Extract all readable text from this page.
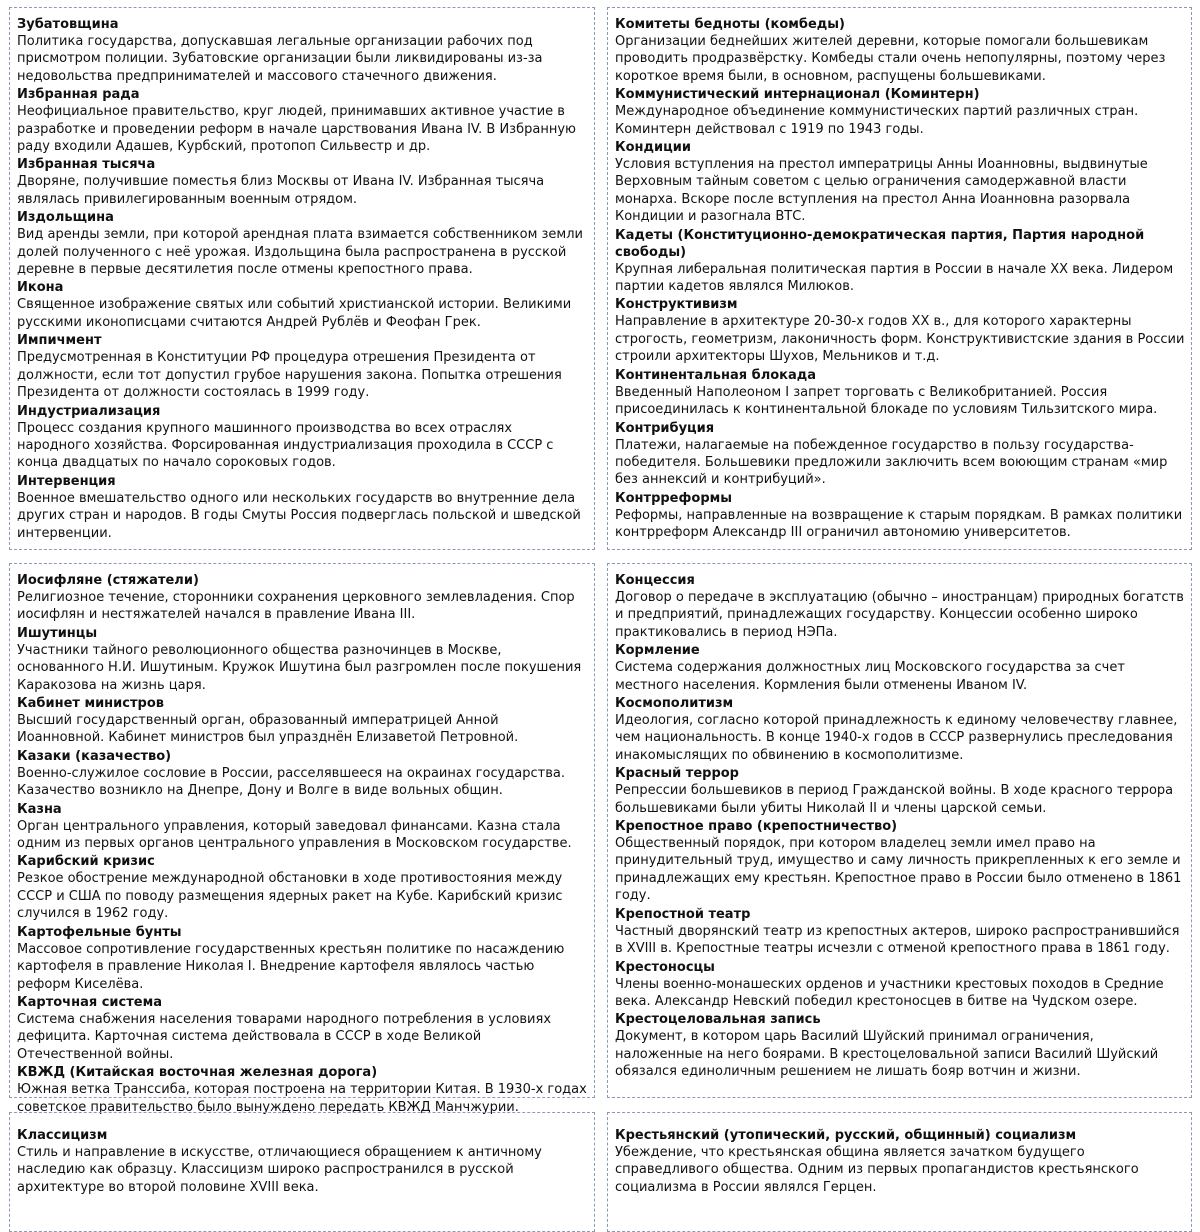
Зубатовщина
Политика государства, допускавшая легальные организации рабочих под присмотром полиции. Зубатовские организации были ликвидированы из-за недовольства предпринимателей и массового стачечного движения.
Избранная рада
Неофициальное правительство, круг людей, принимавших активное участие в разработке и проведении реформ в начале царствования Ивана IV. В Избранную раду входили Адашев, Курбский, протопоп Сильвестр и др.
Избранная тысяча
Дворяне, получившие поместья близ Москвы от Ивана IV. Избранная тысяча являлась привилегированным военным отрядом.
Издольщина
Вид аренды земли, при которой арендная плата взимается собственником земли долей полученного с неё урожая. Издольщина была распространена в русской деревне в первые десятилетия после отмены крепостного права.
Икона
Священное изображение святых или событий христианской истории. Великими русскими иконописцами считаются Андрей Рублёв и Феофан Грек.
Импичмент
Предусмотренная в Конституции РФ процедура отрешения Президента от должности, если тот допустил грубое нарушения закона. Попытка отрешения Президента от должности состоялась в 1999 году.
Индустриализация
Процесс создания крупного машинного производства во всех отраслях народного хозяйства. Форсированная индустриализация проходила в СССР с конца двадцатых по начало сороковых годов.
Интервенция
Военное вмешательство одного или нескольких государств во внутренние дела других стран и народов. В годы Смуты Россия подверглась польской и шведской интервенции.
Комитеты бедноты (комбеды)
Организации беднейших жителей деревни, которые помогали большевикам проводить продразвёрстку. Комбеды стали очень непопулярны, поэтому через короткое время были, в основном, распущены большевиками.
Коммунистический интернационал (Коминтерн)
Международное объединение коммунистических партий различных стран. Коминтерн действовал с 1919 по 1943 годы.
Кондиции
Условия вступления на престол императрицы Анны Иоанновны, выдвинутые Верховным тайным советом с целью ограничения самодержавной власти монарха. Вскоре после вступления на престол Анна Иоанновна разорвала Кондиции и разогнала ВТС.
Кадеты (Конституционно-демократическая партия, Партия народной свободы)
Крупная либеральная политическая партия в России в начале XX века. Лидером партии кадетов являлся Милюков.
Конструктивизм
Направление в архитектуре 20-30-х годов XX в., для которого характерны строгость, геометризм, лаконичность форм. Конструктивистские здания в России строили архитекторы Шухов, Мельников и т.д.
Континентальная блокада
Введенный Наполеоном I запрет торговать с Великобританией. Россия присоединилась к континентальной блокаде по условиям Тильзитского мира.
Контрибуция
Платежи, налагаемые на побежденное государство в пользу государства-победителя. Большевики предложили заключить всем воюющим странам «мир без аннексий и контрибуций».
Контрреформы
Реформы, направленные на возвращение к старым порядкам. В рамках политики контрреформ Александр III ограничил автономию университетов.
Иосифляне (стяжатели)
Религиозное течение, сторонники сохранения церковного землевладения. Спор иосифлян и нестяжателей начался в правление Ивана III.
Ишутинцы
Участники тайного революционного общества разночинцев в Москве, основанного Н.И. Ишутиным. Кружок Ишутина был разгромлен после покушения Каракозова на жизнь царя.
Кабинет министров
Высший государственный орган, образованный императрицей Анной Иоанновной. Кабинет министров был упразднён Елизаветой Петровной.
Казаки (казачество)
Военно-служилое сословие в России, расселявшееся на окраинах государства. Казачество возникло на Днепре, Дону и Волге в виде вольных общин.
Казна
Орган центрального управления, который заведовал финансами. Казна стала одним из первых органов центрального управления в Московском государстве.
Карибский кризис
Резкое обострение международной обстановки в ходе противостояния между СССР и США по поводу размещения ядерных ракет на Кубе. Карибский кризис случился в 1962 году.
Картофельные бунты
Массовое сопротивление государственных крестьян политике по насаждению картофеля в правление Николая I. Внедрение картофеля являлось частью реформ Киселёва.
Карточная система
Система снабжения населения товарами народного потребления в условиях дефицита. Карточная система действовала в СССР в ходе Великой Отечественной войны.
КВЖД (Китайская восточная железная дорога)
Южная ветка Транссиба, которая построена на территории Китая. В 1930-х годах советское правительство было вынуждено передать КВЖД Манчжурии.
Концессия
Договор о передаче в эксплуатацию (обычно – иностранцам) природных богатств и предприятий, принадлежащих государству. Концессии особенно широко практиковались в период НЭПа.
Кормление
Система содержания должностных лиц Московского государства за счет местного населения. Кормления были отменены Иваном IV.
Космополитизм
Идеология, согласно которой принадлежность к единому человечеству главнее, чем национальность. В конце 1940-х годов в СССР развернулись преследования инакомыслящих по обвинению в космополитизме.
Красный террор
Репрессии большевиков в период Гражданской войны. В ходе красного террора большевиками были убиты Николай II и члены царской семьи.
Крепостное право (крепостничество)
Общественный порядок, при котором владелец земли имел право на принудительный труд, имущество и саму личность прикрепленных к его земле и принадлежащих ему крестьян. Крепостное право в России было отменено в 1861 году.
Крепостной театр
Частный дворянский театр из крепостных актеров, широко распространившийся в XVIII в. Крепостные театры исчезли с отменой крепостного права в 1861 году.
Крестоносцы
Члены военно-монашеских орденов и участники крестовых походов в Средние века. Александр Невский победил крестоносцев в битве на Чудском озере.
Крестоцеловальная запись
Документ, в котором царь Василий Шуйский принимал ограничения, наложенные на него боярами. В крестоцеловальной записи Василий Шуйский обязался единоличным решением не лишать бояр вотчин и жизни.
Классицизм
Стиль и направление в искусстве, отличающиеся обращением к античному наследию как образцу. Классицизм широко распространился в русской архитектуре во второй половине XVIII века.
Крестьянский (утопический, русский, общинный) социализм
Убеждение, что крестьянская община является зачатком будущего справедливого общества. Одним из первых пропагандистов крестьянского социализма в России являлся Герцен.
